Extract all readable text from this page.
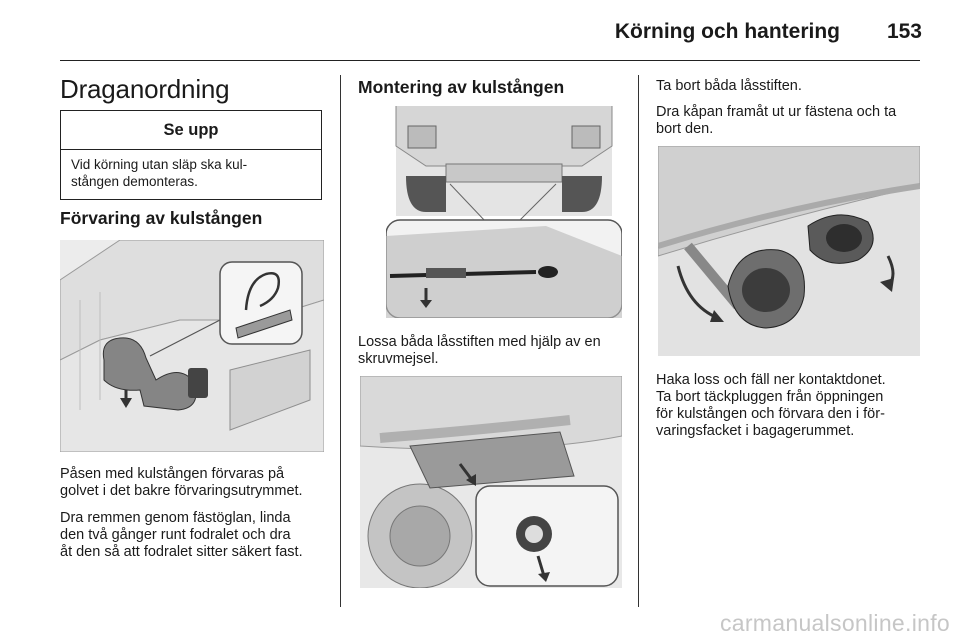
Körning och hantering	153
Draganordning
Se upp
Vid körning utan släp ska kul-
stången demonteras.
Förvaring av kulstången

Påsen med kulstången förvaras på
golvet i det bakre förvaringsutrymmet.

Dra remmen genom fästöglan, linda
den två gånger runt fodralet och dra
åt den så att fodralet sitter säkert fast.

Montering av kulstången

Lossa båda låsstiften med hjälp av en
skruvmejsel.

Ta bort båda låsstiften.

Dra kåpan framåt ut ur fästena och ta
bort den.

Haka loss och fäll ner kontaktdonet.
Ta bort täckpluggen från öppningen
för kulstången och förvara den i för-
varingsfacket i bagagerummet.

carmanualsonline.info
